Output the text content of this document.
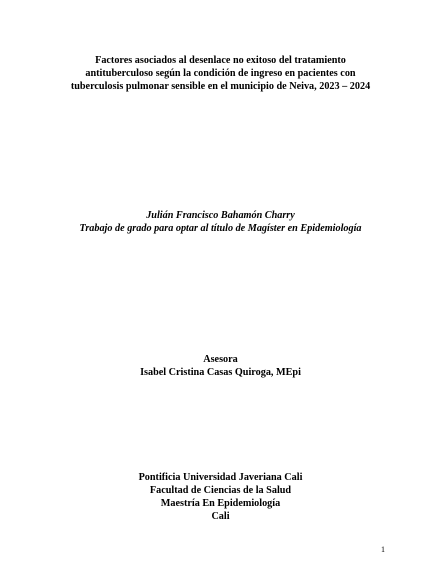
Factores asociados al desenlace no exitoso del tratamiento
antituberculoso según la condición de ingreso en pacientes con
tuberculosis pulmonar sensible en el municipio de Neiva, 2023 – 2024
Julián Francisco Bahamón Charry
Trabajo de grado para optar al título de Magíster en Epidemiología
Asesora
Isabel Cristina Casas Quiroga, MEpi
Pontificia Universidad Javeriana Cali
Facultad de Ciencias de la Salud
Maestría En Epidemiología
Cali
1
